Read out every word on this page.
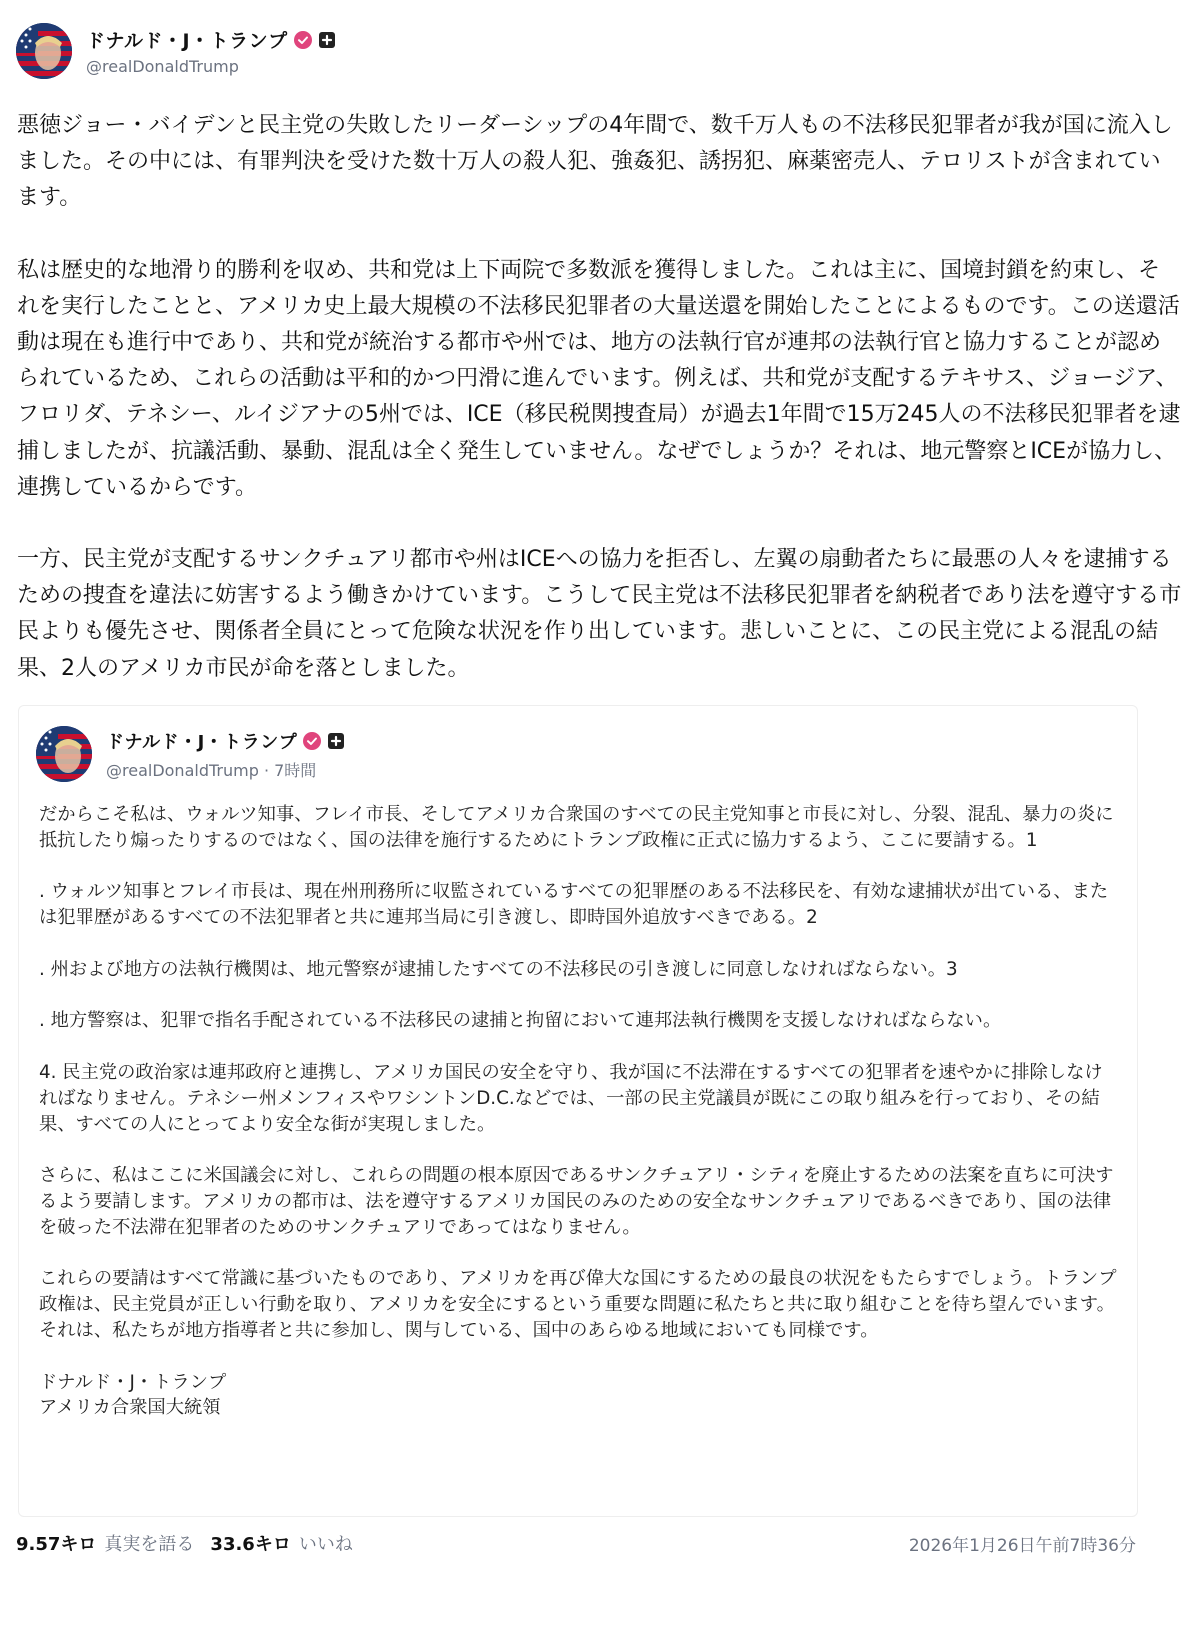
ドナルド・J・トランプ
@realDonaldTrump

悪徳ジョー・バイデンと民主党の失敗したリーダーシップの4年間で、数千万人もの不法移民犯罪者が我が国に流入しました。その中には、有罪判決を受けた数十万人の殺人犯、強姦犯、誘拐犯、麻薬密売人、テロリストが含まれています。

私は歴史的な地滑り的勝利を収め、共和党は上下両院で多数派を獲得しました。これは主に、国境封鎖を約束し、それを実行したことと、アメリカ史上最大規模の不法移民犯罪者の大量送還を開始したことによるものです。この送還活動は現在も進行中であり、共和党が統治する都市や州では、地方の法執行官が連邦の法執行官と協力することが認められているため、これらの活動は平和的かつ円滑に進んでいます。例えば、共和党が支配するテキサス、ジョージア、フロリダ、テネシー、ルイジアナの5州では、ICE（移民税関捜査局）が過去1年間で15万245人の不法移民犯罪者を逮捕しましたが、抗議活動、暴動、混乱は全く発生していません。なぜでしょうか？それは、地元警察とICEが協力し、連携しているからです。

一方、民主党が支配するサンクチュアリ都市や州はICEへの協力を拒否し、左翼の扇動者たちに最悪の人々を逮捕するための捜査を違法に妨害するよう働きかけています。こうして民主党は不法移民犯罪者を納税者であり法を遵守する市民よりも優先させ、関係者全員にとって危険な状況を作り出しています。悲しいことに、この民主党による混乱の結果、2人のアメリカ市民が命を落としました。

ドナルド・J・トランプ
@realDonaldTrump · 7時間

だからこそ私は、ウォルツ知事、フレイ市長、そしてアメリカ合衆国のすべての民主党知事と市長に対し、分裂、混乱、暴力の炎に抵抗したり煽ったりするのではなく、国の法律を施行するためにトランプ政権に正式に協力するよう、ここに要請する。1

. ウォルツ知事とフレイ市長は、現在州刑務所に収監されているすべての犯罪歴のある不法移民を、有効な逮捕状が出ている、または犯罪歴があるすべての不法犯罪者と共に連邦当局に引き渡し、即時国外追放すべきである。2

. 州および地方の法執行機関は、地元警察が逮捕したすべての不法移民の引き渡しに同意しなければならない。3

. 地方警察は、犯罪で指名手配されている不法移民の逮捕と拘留において連邦法執行機関を支援しなければならない。

4. 民主党の政治家は連邦政府と連携し、アメリカ国民の安全を守り、我が国に不法滞在するすべての犯罪者を速やかに排除しなければなりません。テネシー州メンフィスやワシントンD.C.などでは、一部の民主党議員が既にこの取り組みを行っており、その結果、すべての人にとってより安全な街が実現しました。

さらに、私はここに米国議会に対し、これらの問題の根本原因であるサンクチュアリ・シティを廃止するための法案を直ちに可決するよう要請します。アメリカの都市は、法を遵守するアメリカ国民のみのための安全なサンクチュアリであるべきであり、国の法律を破った不法滞在犯罪者のためのサンクチュアリであってはなりません。

これらの要請はすべて常識に基づいたものであり、アメリカを再び偉大な国にするための最良の状況をもたらすでしょう。トランプ政権は、民主党員が正しい行動を取り、アメリカを安全にするという重要な問題に私たちと共に取り組むことを待ち望んでいます。それは、私たちが地方指導者と共に参加し、関与している、国中のあらゆる地域においても同様です。

ドナルド・J・トランプ

アメリカ合衆国大統領

9.57キロ 真実を語る 33.6キロ いいね	2026年1月26日午前7時36分
